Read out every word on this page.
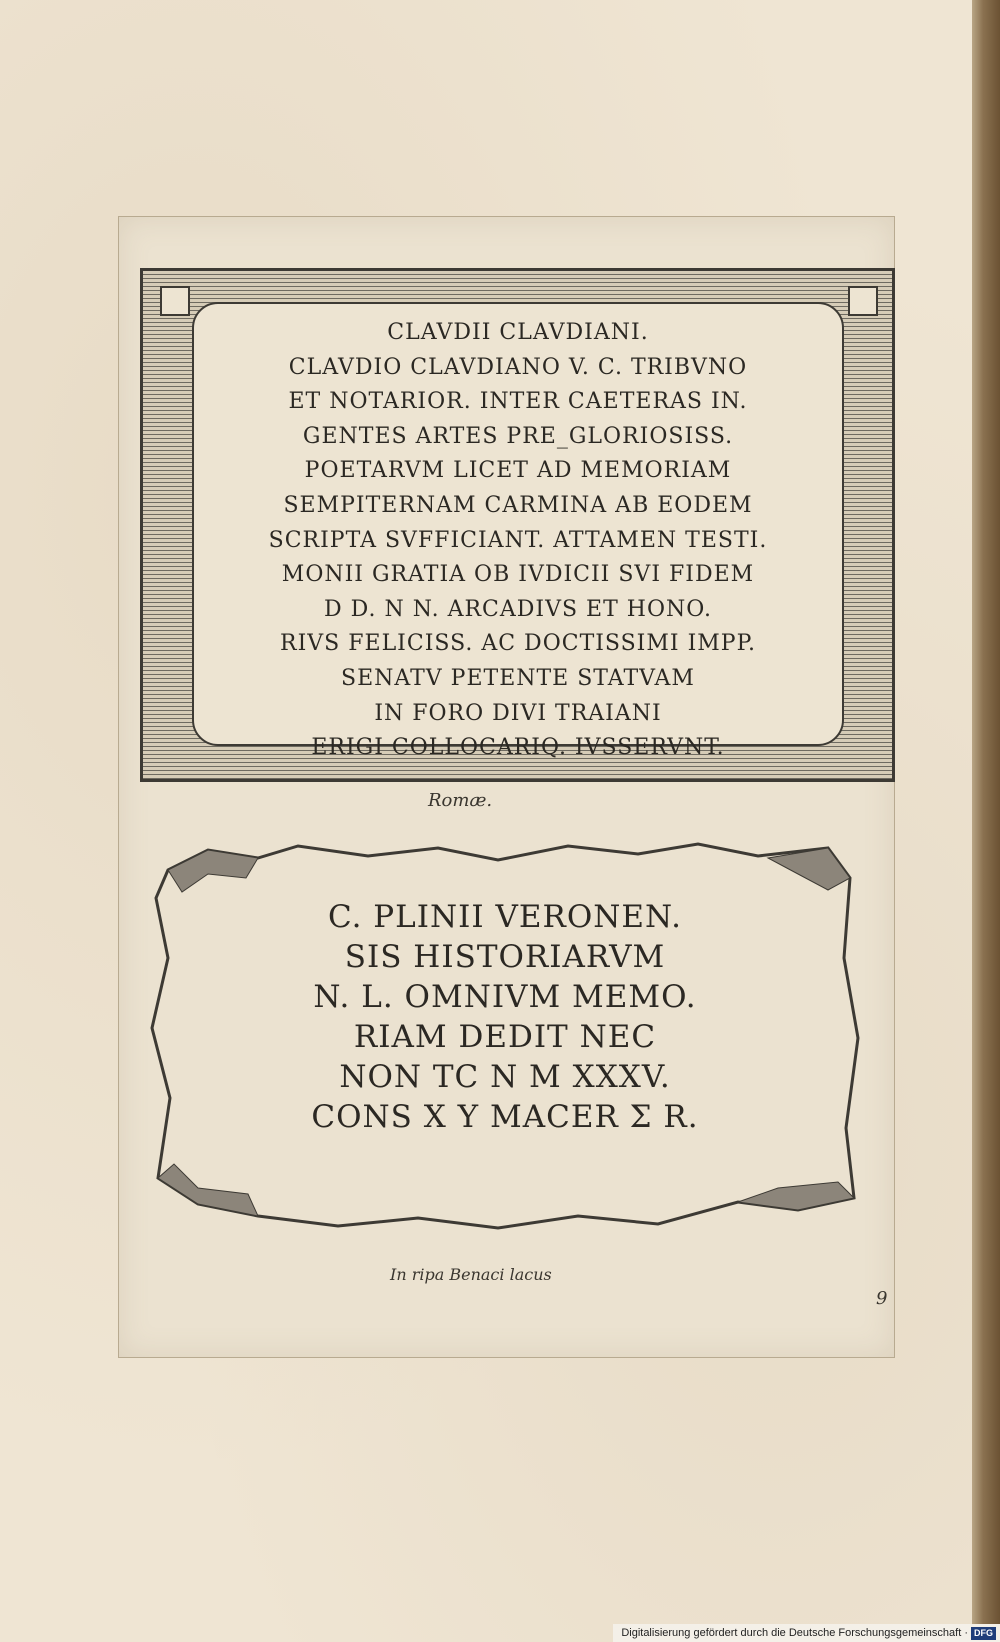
CLAVDII CLAVDIANI.
CLAVDIO CLAVDIANO V. C. TRIBVNO
ET NOTARIOR. INTER CAETERAS IN.
GENTES ARTES PRE_GLORIOSISS.
POETARVM LICET AD MEMORIAM
SEMPITERNAM CARMINA AB EODEM
SCRIPTA SVFFICIANT. ATTAMEN TESTI.
MONII GRATIA OB IVDICII SVI FIDEM
D D. N N. ARCADIVS ET HONO.
RIVS FELICISS. AC DOCTISSIMI IMPP.
SENATV PETENTE STATVAM
IN FORO DIVI TRAIANI
ERIGI COLLOCARIQ. IVSSERVNT.
Romæ.
C. PLINII VERONEN.
SIS HISTORIARVM
N. L. OMNIVM MEMO.
RIAM DEDIT NEC
NON TC N M XXXV.
CONS X Y MACER Σ R.
In ripa Benaci lacus
9
Digitalisierung gefördert durch die Deutsche Forschungsgemeinschaft · DFG
